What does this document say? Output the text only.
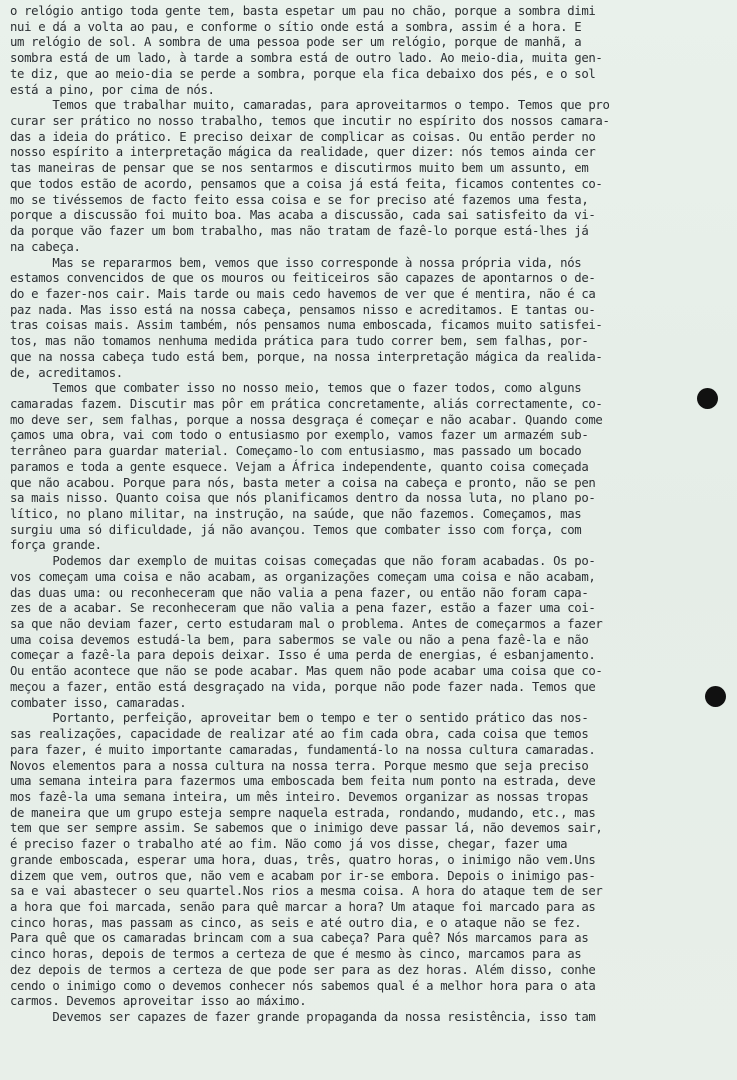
o relógio antigo toda gente tem, basta espetar um pau no chão, porque a sombra dimi
nui e dá a volta ao pau, e conforme o sítio onde está a sombra, assim é a hora. E
um relógio de sol. A sombra de uma pessoa pode ser um relógio, porque de manhã, a
sombra está de um lado, à tarde a sombra está de outro lado. Ao meio-dia, muita gen-
te diz, que ao meio-dia se perde a sombra, porque ela fica debaixo dos pés, e o sol
está a pino, por cima de nós.
Temos que trabalhar muito, camaradas, para aproveitarmos o tempo. Temos que pro
curar ser prático no nosso trabalho, temos que incutir no espírito dos nossos camara-
das a ideia do prático. E preciso deixar de complicar as coisas. Ou então perder no
nosso espírito a interpretação mágica da realidade, quer dizer: nós temos ainda cer
tas maneiras de pensar que se nos sentarmos e discutirmos muito bem um assunto, em
que todos estão de acordo, pensamos que a coisa já está feita, ficamos contentes co-
mo se tivéssemos de facto feito essa coisa e se for preciso até fazemos uma festa,
porque a discussão foi muito boa. Mas acaba a discussão, cada sai satisfeito da vi-
da porque vão fazer um bom trabalho, mas não tratam de fazê-lo porque está-lhes já
na cabeça.
Mas se repararmos bem, vemos que isso corresponde à nossa própria vida, nós
estamos convencidos de que os mouros ou feiticeiros são capazes de apontarnos o de-
do e fazer-nos cair. Mais tarde ou mais cedo havemos de ver que é mentira, não é ca
paz nada. Mas isso está na nossa cabeça, pensamos nisso e acreditamos. E tantas ou-
tras coisas mais. Assim também, nós pensamos numa emboscada, ficamos muito satisfei-
tos, mas não tomamos nenhuma medida prática para tudo correr bem, sem falhas, por-
que na nossa cabeça tudo está bem, porque, na nossa interpretação mágica da realida-
de, acreditamos.
Temos que combater isso no nosso meio, temos que o fazer todos, como alguns
camaradas fazem. Discutir mas pôr em prática concretamente, aliás correctamente, co-
mo deve ser, sem falhas, porque a nossa desgraça é começar e não acabar. Quando come
çamos uma obra, vai com todo o entusiasmo por exemplo, vamos fazer um armazém sub-
terrâneo para guardar material. Começamo-lo com entusiasmo, mas passado um bocado
paramos e toda a gente esquece. Vejam a África independente, quanto coisa começada
que não acabou. Porque para nós, basta meter a coisa na cabeça e pronto, não se pen
sa mais nisso. Quanto coisa que nós planificamos dentro da nossa luta, no plano po-
lítico, no plano militar, na instrução, na saúde, que não fazemos. Começamos, mas
surgiu uma só dificuldade, já não avançou. Temos que combater isso com força, com
força grande.
Podemos dar exemplo de muitas coisas começadas que não foram acabadas. Os po-
vos começam uma coisa e não acabam, as organizações começam uma coisa e não acabam,
das duas uma: ou reconheceram que não valia a pena fazer, ou então não foram capa-
zes de a acabar. Se reconheceram que não valia a pena fazer, estão a fazer uma coi-
sa que não deviam fazer, certo estudaram mal o problema. Antes de começarmos a fazer
uma coisa devemos estudá-la bem, para sabermos se vale ou não a pena fazê-la e não
começar a fazê-la para depois deixar. Isso é uma perda de energias, é esbanjamento.
Ou então acontece que não se pode acabar. Mas quem não pode acabar uma coisa que co-
meçou a fazer, então está desgraçado na vida, porque não pode fazer nada. Temos que
combater isso, camaradas.
Portanto, perfeição, aproveitar bem o tempo e ter o sentido prático das nos-
sas realizações, capacidade de realizar até ao fim cada obra, cada coisa que temos
para fazer, é muito importante camaradas, fundamentá-lo na nossa cultura camaradas.
Novos elementos para a nossa cultura na nossa terra. Porque mesmo que seja preciso
uma semana inteira para fazermos uma emboscada bem feita num ponto na estrada, deve
mos fazê-la uma semana inteira, um mês inteiro. Devemos organizar as nossas tropas
de maneira que um grupo esteja sempre naquela estrada, rondando, mudando, etc., mas
tem que ser sempre assim. Se sabemos que o inimigo deve passar lá, não devemos sair,
é preciso fazer o trabalho até ao fim. Não como já vos disse, chegar, fazer uma
grande emboscada, esperar uma hora, duas, três, quatro horas, o inimigo não vem.Uns
dizem que vem, outros que, não vem e acabam por ir-se embora. Depois o inimigo pas-
sa e vai abastecer o seu quartel.Nos rios a mesma coisa. A hora do ataque tem de ser
a hora que foi marcada, senão para quê marcar a hora? Um ataque foi marcado para as
cinco horas, mas passam as cinco, as seis e até outro dia, e o ataque não se fez.
Para quê que os camaradas brincam com a sua cabeça? Para quê? Nós marcamos para as
cinco horas, depois de termos a certeza de que é mesmo às cinco, marcamos para as
dez depois de termos a certeza de que pode ser para as dez horas. Além disso, conhe
cendo o inimigo como o devemos conhecer nós sabemos qual é a melhor hora para o ata
carmos. Devemos aproveitar isso ao máximo.
Devemos ser capazes de fazer grande propaganda da nossa resistência, isso tam
